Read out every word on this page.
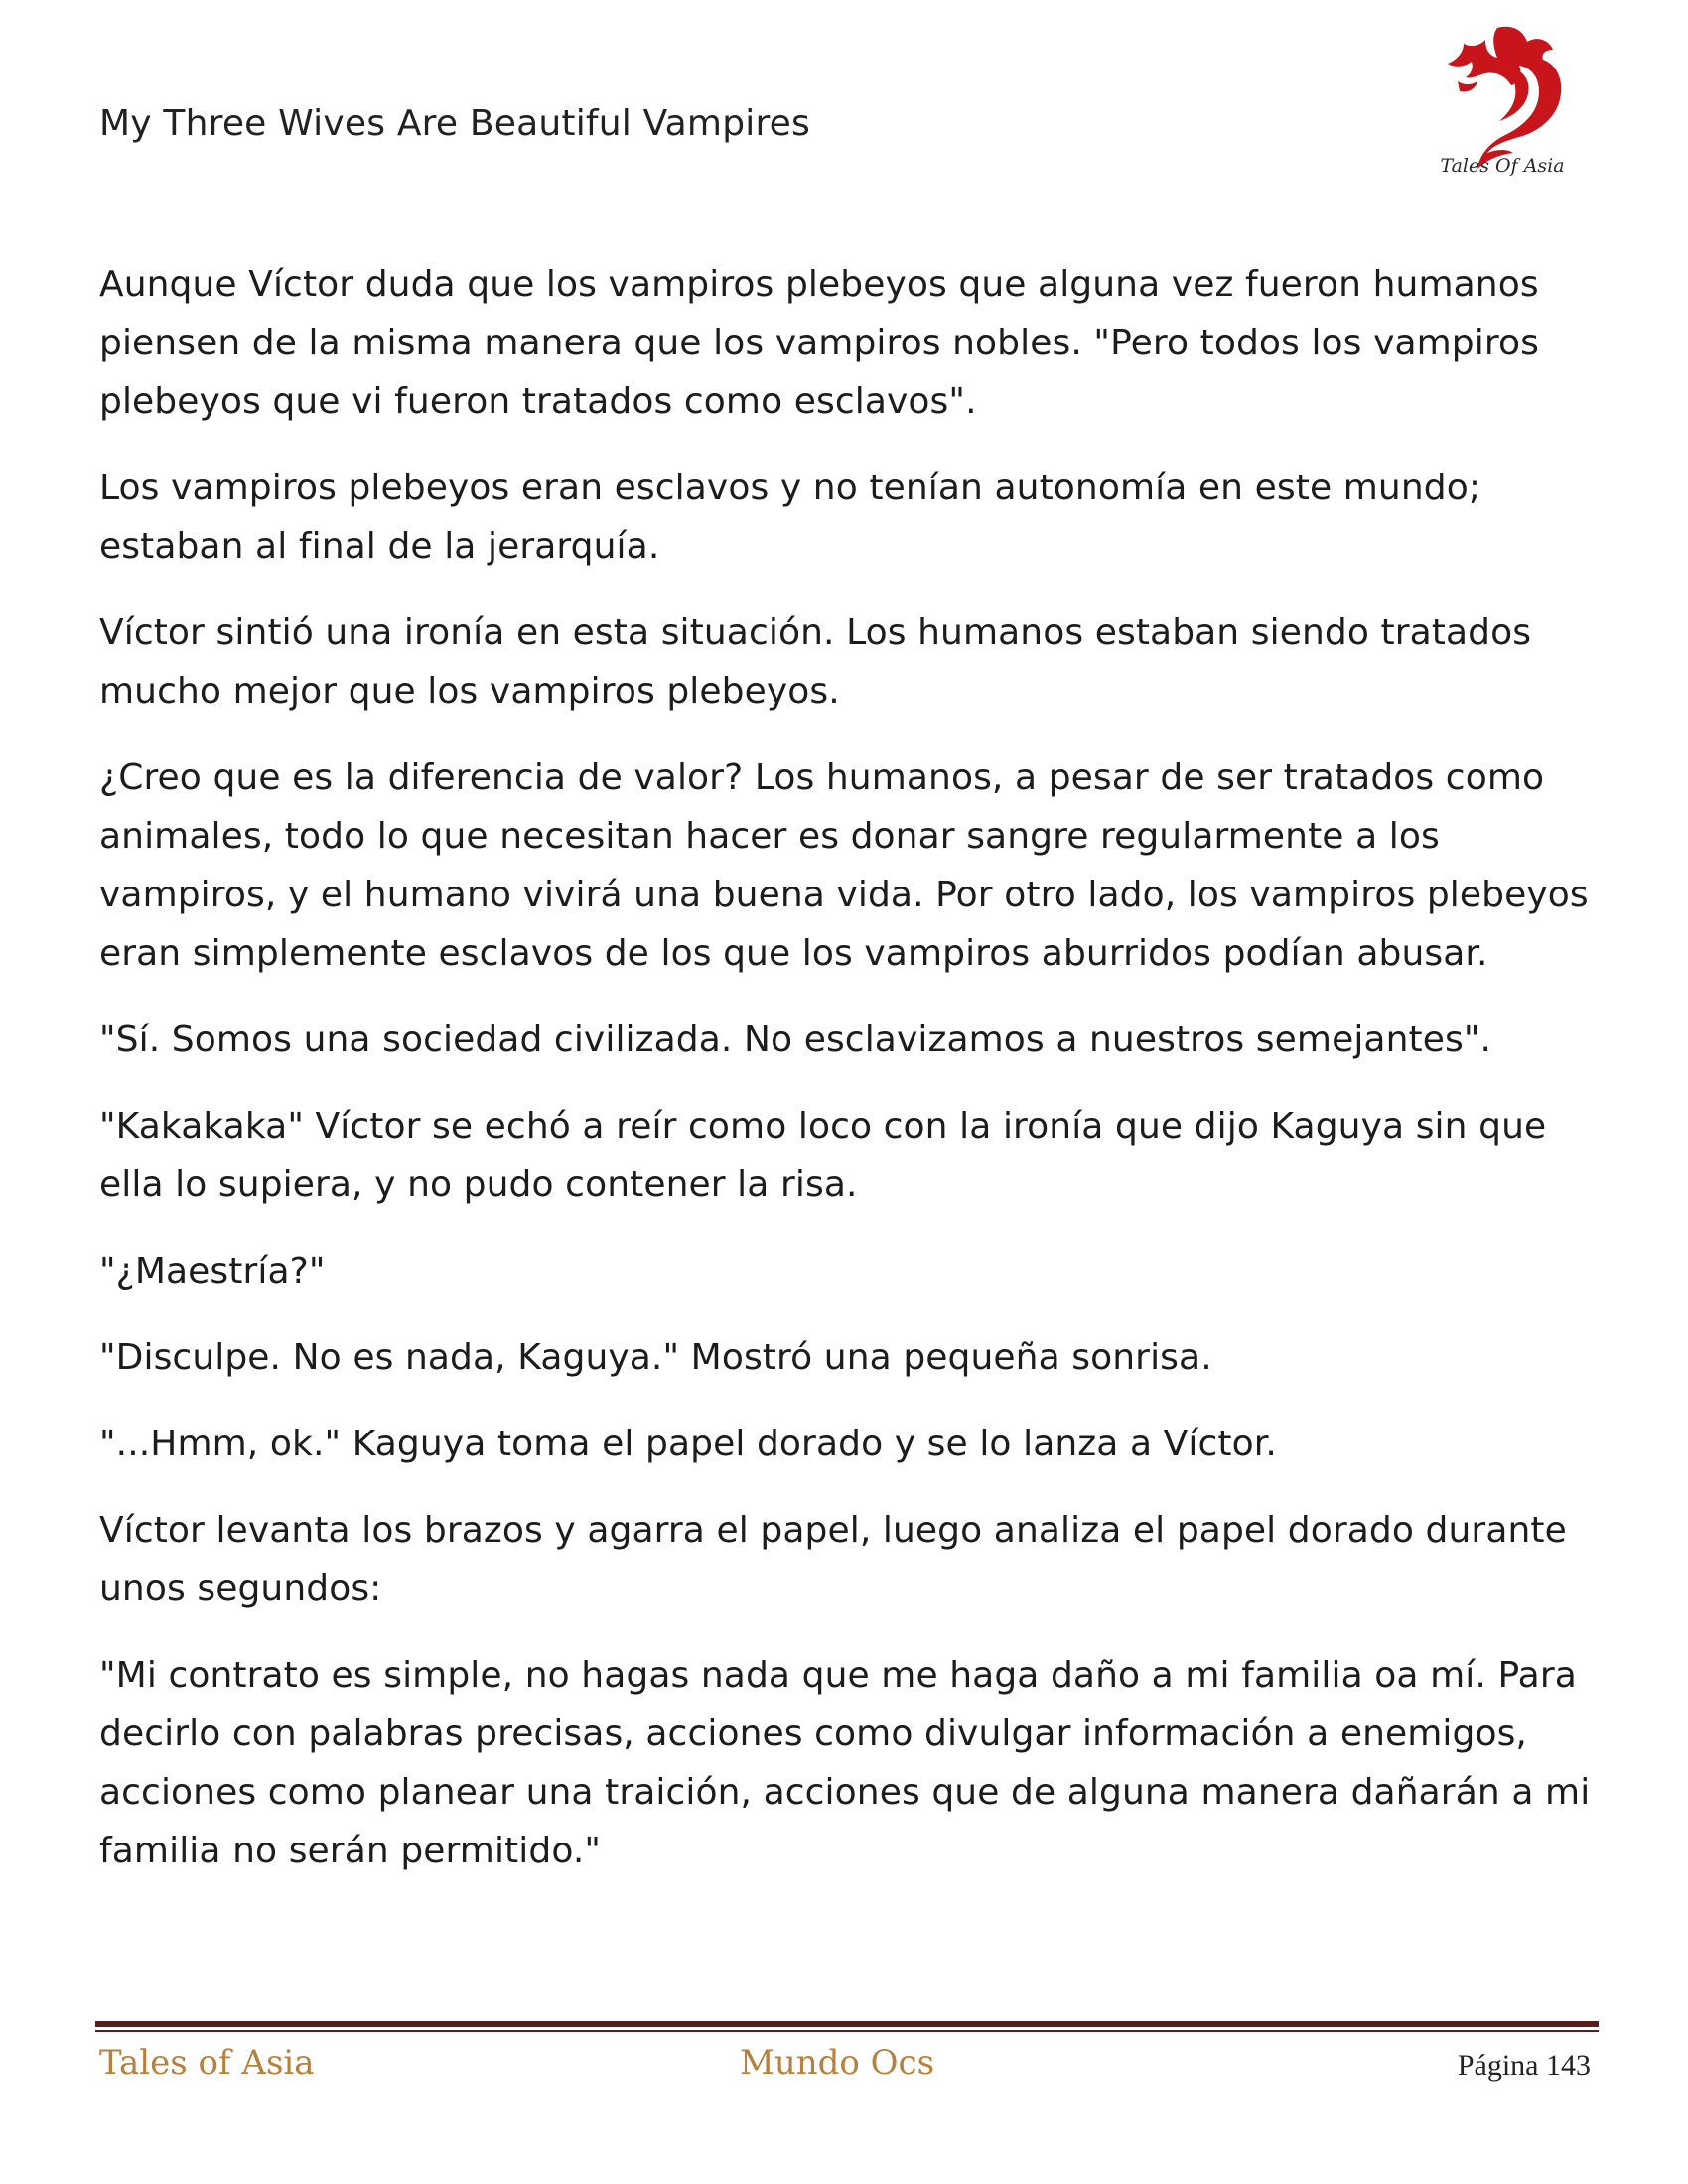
My Three Wives Are Beautiful Vampires
Tales Of Asia

Aunque Víctor duda que los vampiros plebeyos que alguna vez fueron humanos piensen de la misma manera que los vampiros nobles. "Pero todos los vampiros plebeyos que vi fueron tratados como esclavos".

Los vampiros plebeyos eran esclavos y no tenían autonomía en este mundo; estaban al final de la jerarquía.

Víctor sintió una ironía en esta situación. Los humanos estaban siendo tratados mucho mejor que los vampiros plebeyos.

¿Creo que es la diferencia de valor? Los humanos, a pesar de ser tratados como animales, todo lo que necesitan hacer es donar sangre regularmente a los vampiros, y el humano vivirá una buena vida. Por otro lado, los vampiros plebeyos eran simplemente esclavos de los que los vampiros aburridos podían abusar.

"Sí. Somos una sociedad civilizada. No esclavizamos a nuestros semejantes".

"Kakakaka" Víctor se echó a reír como loco con la ironía que dijo Kaguya sin que ella lo supiera, y no pudo contener la risa.

"¿Maestría?"

"Disculpe. No es nada, Kaguya." Mostró una pequeña sonrisa.

"...Hmm, ok." Kaguya toma el papel dorado y se lo lanza a Víctor.

Víctor levanta los brazos y agarra el papel, luego analiza el papel dorado durante unos segundos:

"Mi contrato es simple, no hagas nada que me haga daño a mi familia oa mí. Para decirlo con palabras precisas, acciones como divulgar información a enemigos, acciones como planear una traición, acciones que de alguna manera dañarán a mi familia no serán permitido."

Tales of Asia	Mundo Ocs	Página 143
